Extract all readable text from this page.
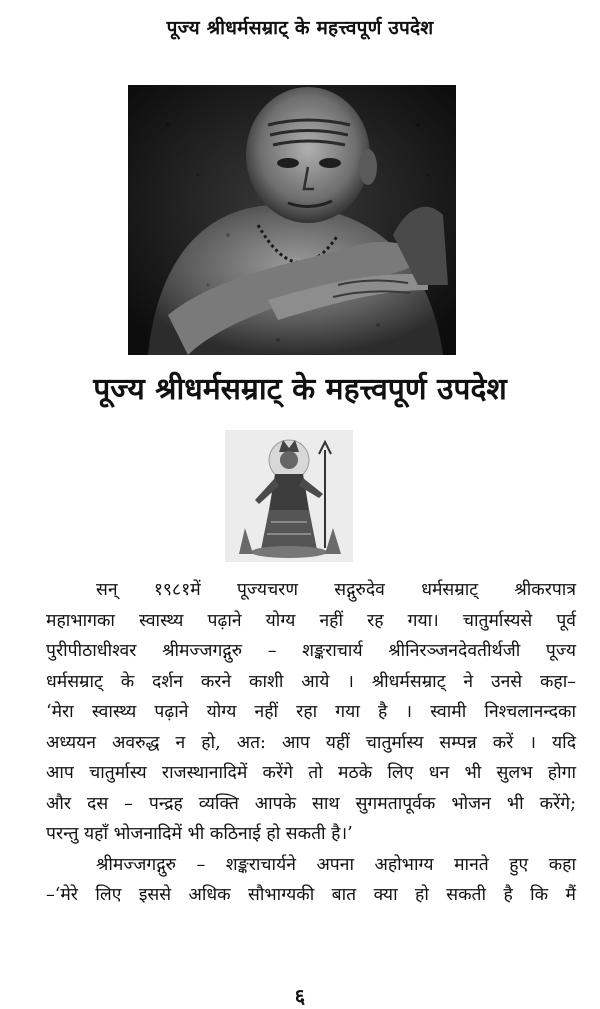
पूज्य श्रीधर्मसम्राट् के महत्त्वपूर्ण उपदेश
पूज्य श्रीधर्मसम्राट् के महत्त्वपूर्ण उपदेश
सन् १९८१में पूज्यचरण सद्गुरुदेव धर्मसम्राट् श्रीकरपात्र
महाभागका स्वास्थ्य पढ़ाने योग्य नहीं रह गया। चातुर्मास्यसे पूर्व
पुरीपीठाधीश्वर श्रीमज्जगद्गुरु – शङ्कराचार्य श्रीनिरञ्जनदेवतीर्थजी पूज्य
धर्मसम्राट् के दर्शन करने काशी आये । श्रीधर्मसम्राट् ने उनसे कहा–
‘मेरा स्वास्थ्य पढ़ाने योग्य नहीं रहा गया है । स्वामी निश्चलानन्दका
अध्ययन अवरुद्ध न हो, अत: आप यहीं चातुर्मास्य सम्पन्न करें । यदि
आप चातुर्मास्य राजस्थानादिमें करेंगे तो मठके लिए धन भी सुलभ होगा
और दस – पन्द्रह व्यक्ति आपके साथ सुगमतापूर्वक भोजन भी करेंगे;
परन्तु यहाँ भोजनादिमें भी कठिनाई हो सकती है।’
श्रीमज्जगद्गुरु – शङ्कराचार्यने अपना अहोभाग्य मानते हुए कहा
–‘मेरे लिए इससे अधिक सौभाग्यकी बात क्या हो सकती है कि मैं
६
